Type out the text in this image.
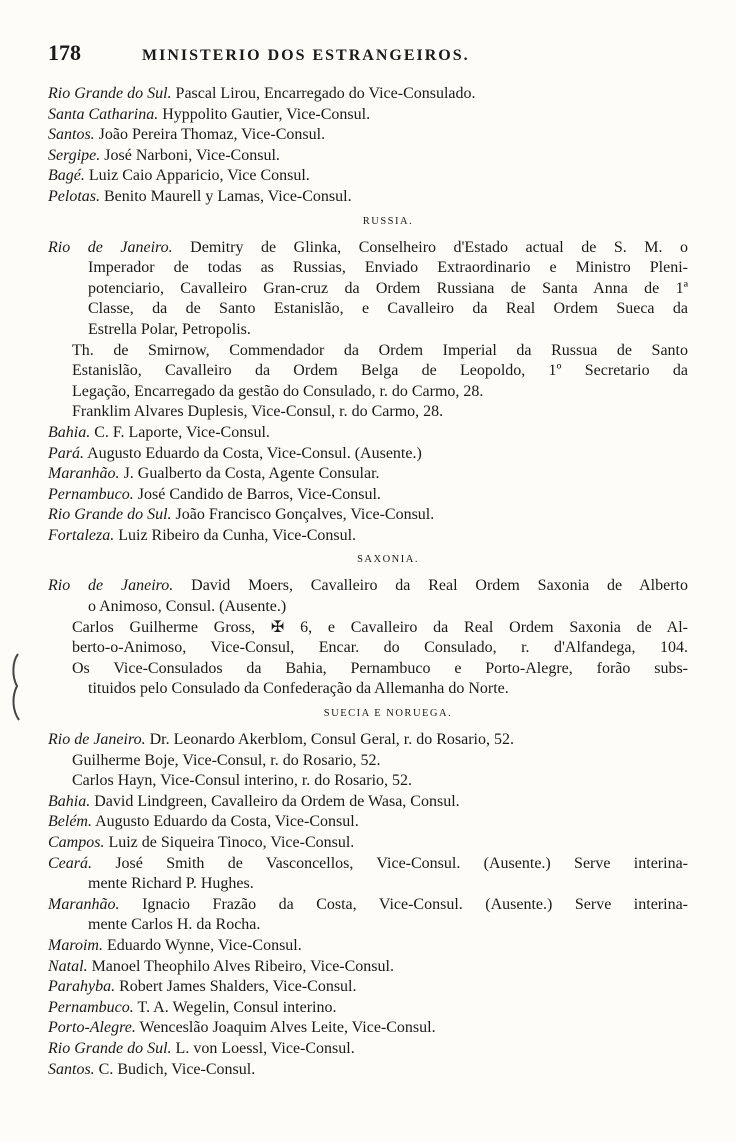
178	MINISTERIO DOS ESTRANGEIROS.
Rio Grande do Sul. Pascal Lirou, Encarregado do Vice-Consulado.
Santa Catharina. Hyppolito Gautier, Vice-Consul.
Santos. João Pereira Thomaz, Vice-Consul.
Sergipe. José Narboni, Vice-Consul.
Bagé. Luiz Caio Apparicio, Vice Consul.
Pelotas. Benito Maurell y Lamas, Vice-Consul.
RUSSIA.
Rio de Janeiro. Demitry de Glinka, Conselheiro d'Estado actual de S. M. o
Imperador de todas as Russias, Enviado Extraordinario e Ministro Pleni-
potenciario, Cavalleiro Gran-cruz da Ordem Russiana de Santa Anna de 1ª
Classe, da de Santo Estanislão, e Cavalleiro da Real Ordem Sueca da
Estrella Polar, Petropolis.
Th. de Smirnow, Commendador da Ordem Imperial da Russua de Santo
Estanislão, Cavalleiro da Ordem Belga de Leopoldo, 1º Secretario da
Legação, Encarregado da gestão do Consulado, r. do Carmo, 28.
Franklim Alvares Duplesis, Vice-Consul, r. do Carmo, 28.
Bahia. C. F. Laporte, Vice-Consul.
Pará. Augusto Eduardo da Costa, Vice-Consul. (Ausente.)
Maranhão. J. Gualberto da Costa, Agente Consular.
Pernambuco. José Candido de Barros, Vice-Consul.
Rio Grande do Sul. João Francisco Gonçalves, Vice-Consul.
Fortaleza. Luiz Ribeiro da Cunha, Vice-Consul.
SAXONIA.
Rio de Janeiro. David Moers, Cavalleiro da Real Ordem Saxonia de Alberto
o Animoso, Consul. (Ausente.)
Carlos Guilherme Gross, ✠ 6, e Cavalleiro da Real Ordem Saxonia de Al-
berto-o-Animoso, Vice-Consul, Encar. do Consulado, r. d'Alfandega, 104.
Os Vice-Consulados da Bahia, Pernambuco e Porto-Alegre, forão subs-
tituidos pelo Consulado da Confederação da Allemanha do Norte.
SUECIA E NORUEGA.
Rio de Janeiro. Dr. Leonardo Akerblom, Consul Geral, r. do Rosario, 52.
Guilherme Boje, Vice-Consul, r. do Rosario, 52.
Carlos Hayn, Vice-Consul interino, r. do Rosario, 52.
Bahia. David Lindgreen, Cavalleiro da Ordem de Wasa, Consul.
Belém. Augusto Eduardo da Costa, Vice-Consul.
Campos. Luiz de Siqueira Tinoco, Vice-Consul.
Ceará. José Smith de Vasconcellos, Vice-Consul. (Ausente.) Serve interina-
mente Richard P. Hughes.
Maranhão. Ignacio Frazão da Costa, Vice-Consul. (Ausente.) Serve interina-
mente Carlos H. da Rocha.
Maroim. Eduardo Wynne, Vice-Consul.
Natal. Manoel Theophilo Alves Ribeiro, Vice-Consul.
Parahyba. Robert James Shalders, Vice-Consul.
Pernambuco. T. A. Wegelin, Consul interino.
Porto-Alegre. Wenceslão Joaquim Alves Leite, Vice-Consul.
Rio Grande do Sul. L. von Loessl, Vice-Consul.
Santos. C. Budich, Vice-Consul.
